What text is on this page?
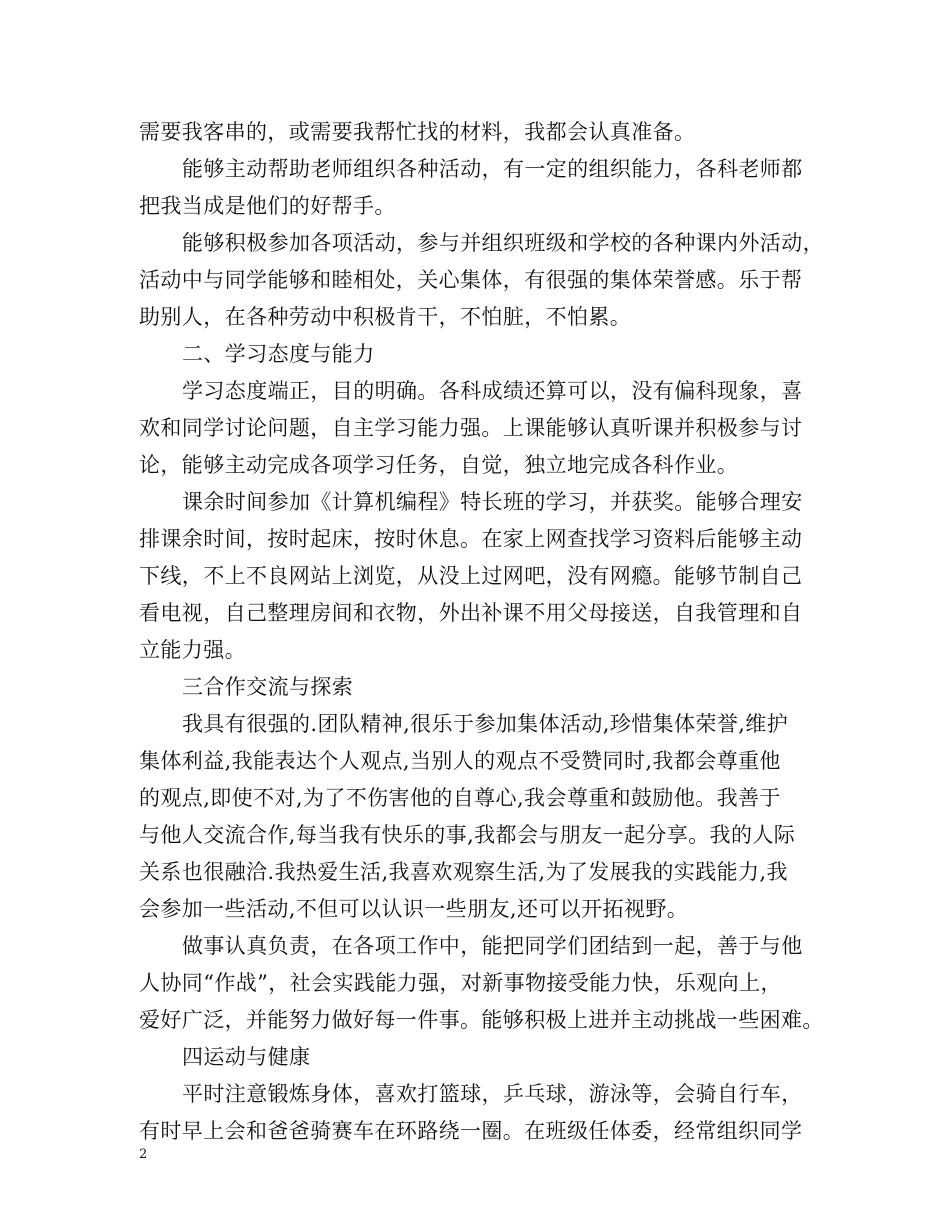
需要我客串的，或需要我帮忙找的材料，我都会认真准备。
能够主动帮助老师组织各种活动，有一定的组织能力，各科老师都
把我当成是他们的好帮手。
能够积极参加各项活动，参与并组织班级和学校的各种课内外活动，
活动中与同学能够和睦相处，关心集体，有很强的集体荣誉感。乐于帮
助别人，在各种劳动中积极肯干，不怕脏，不怕累。
二、学习态度与能力
学习态度端正，目的明确。各科成绩还算可以，没有偏科现象，喜
欢和同学讨论问题，自主学习能力强。上课能够认真听课并积极参与讨
论，能够主动完成各项学习任务，自觉，独立地完成各科作业。
课余时间参加《计算机编程》特长班的学习，并获奖。能够合理安
排课余时间，按时起床，按时休息。在家上网查找学习资料后能够主动
下线，不上不良网站上浏览，从没上过网吧，没有网瘾。能够节制自己
看电视，自己整理房间和衣物，外出补课不用父母接送，自我管理和自
立能力强。
三合作交流与探索
我具有很强的.团队精神,很乐于参加集体活动,珍惜集体荣誉,维护
集体利益,我能表达个人观点,当别人的观点不受赞同时,我都会尊重他
的观点,即使不对,为了不伤害他的自尊心,我会尊重和鼓励他。我善于
与他人交流合作,每当我有快乐的事,我都会与朋友一起分享。我的人际
关系也很融洽.我热爱生活,我喜欢观察生活,为了发展我的实践能力,我
会参加一些活动,不但可以认识一些朋友,还可以开拓视野。
做事认真负责，在各项工作中，能把同学们团结到一起，善于与他
人协同“作战”，社会实践能力强，对新事物接受能力快，乐观向上，
爱好广泛，并能努力做好每一件事。能够积极上进并主动挑战一些困难。
四运动与健康
平时注意锻炼身体，喜欢打篮球，乒乓球，游泳等，会骑自行车，
有时早上会和爸爸骑赛车在环路绕一圈。在班级任体委，经常组织同学
2
